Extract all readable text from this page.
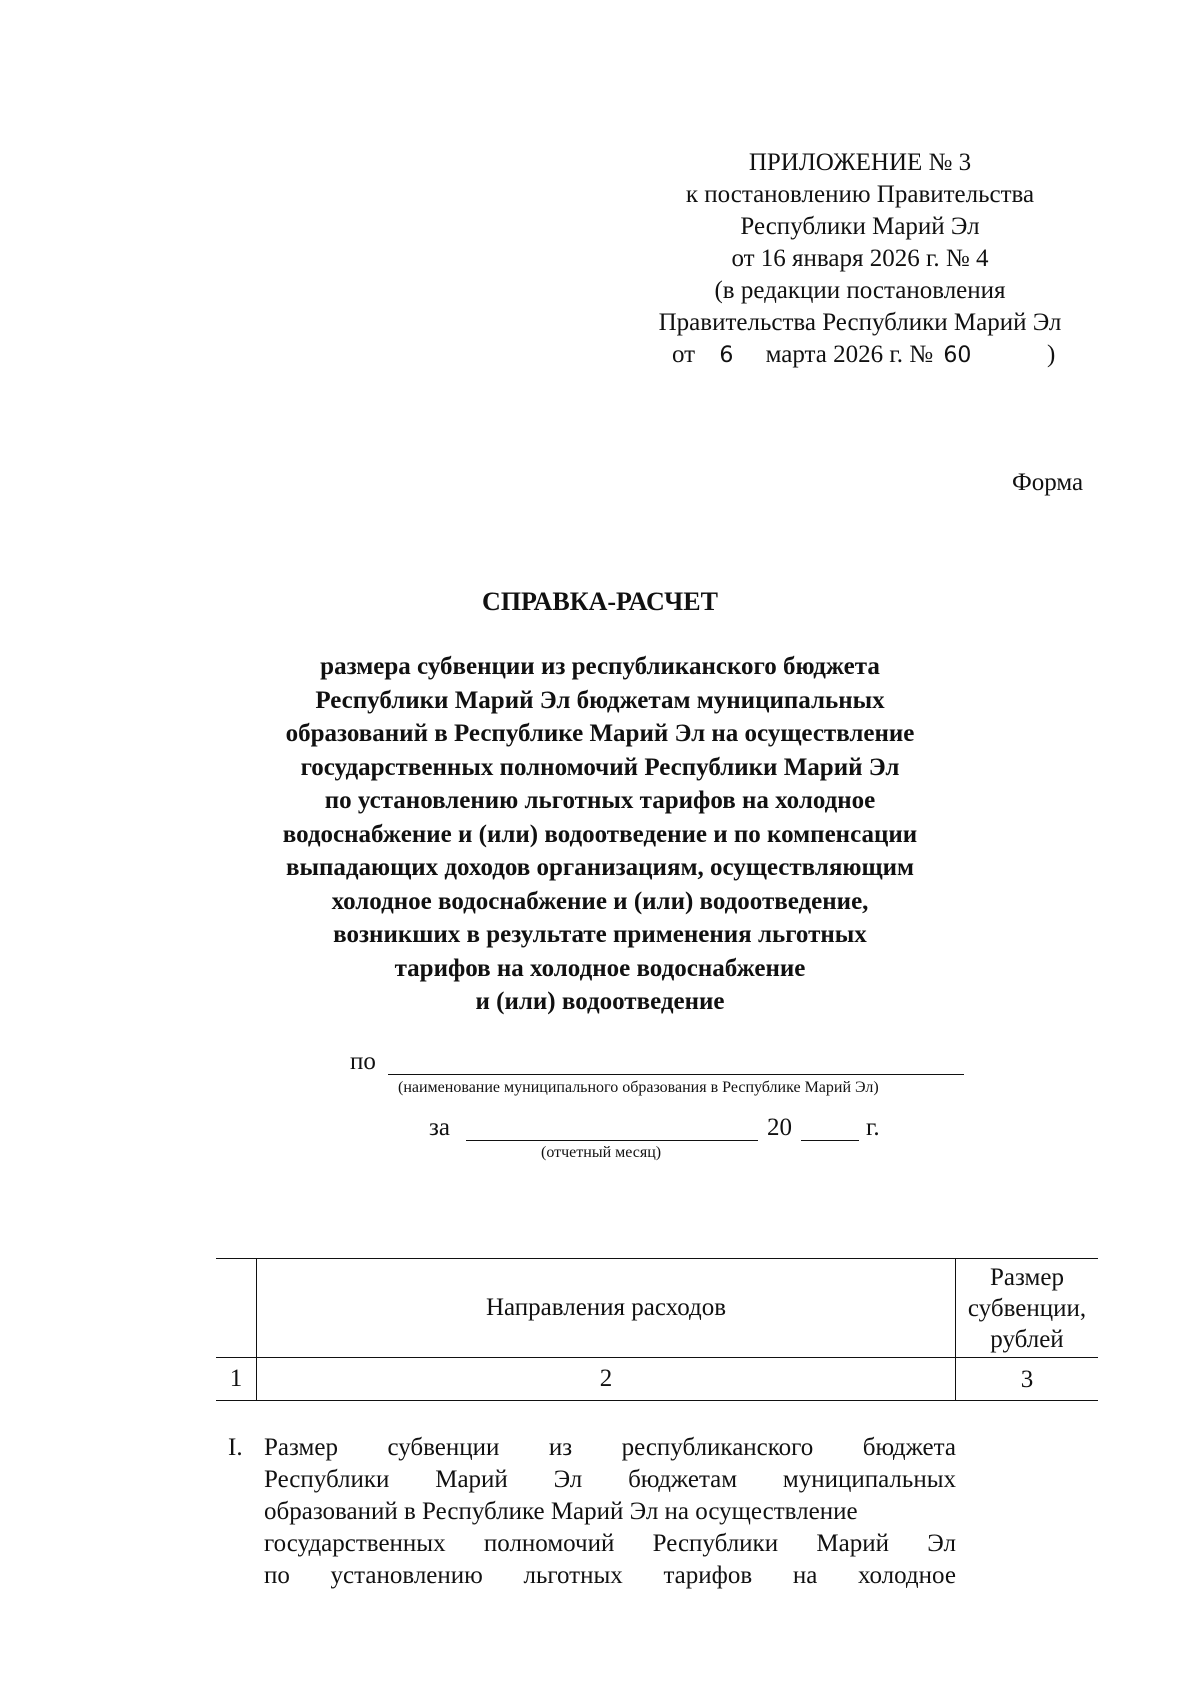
ПРИЛОЖЕНИЕ № 3
к постановлению Правительства
Республики Марий Эл
от 16 января 2026 г. № 4
(в редакции постановления
Правительства Республики Марий Эл
от 6 марта 2026 г. № 60	)
Форма
СПРАВКА-РАСЧЕТ
размера субвенции из республиканского бюджета
Республики Марий Эл бюджетам муниципальных
образований в Республике Марий Эл на осуществление
государственных полномочий Республики Марий Эл
по установлению льготных тарифов на холодное
водоснабжение и (или) водоотведение и по компенсации
выпадающих доходов организациям, осуществляющим
холодное водоснабжение и (или) водоотведение,
возникших в результате применения льготных
тарифов на холодное водоснабжение
и (или) водоотведение
по
(наименование муниципального образования в Республике Марий Эл)
за	20	г.
(отчетный месяц)
	Направления расходов	Размер
субвенции,
рублей

1	2	3
I. Размер субвенции из республиканского бюджета
Республики Марий Эл бюджетам муниципальных
образований в Республике Марий Эл на осуществление
государственных полномочий Республики Марий Эл
по установлению льготных тарифов на холодное
